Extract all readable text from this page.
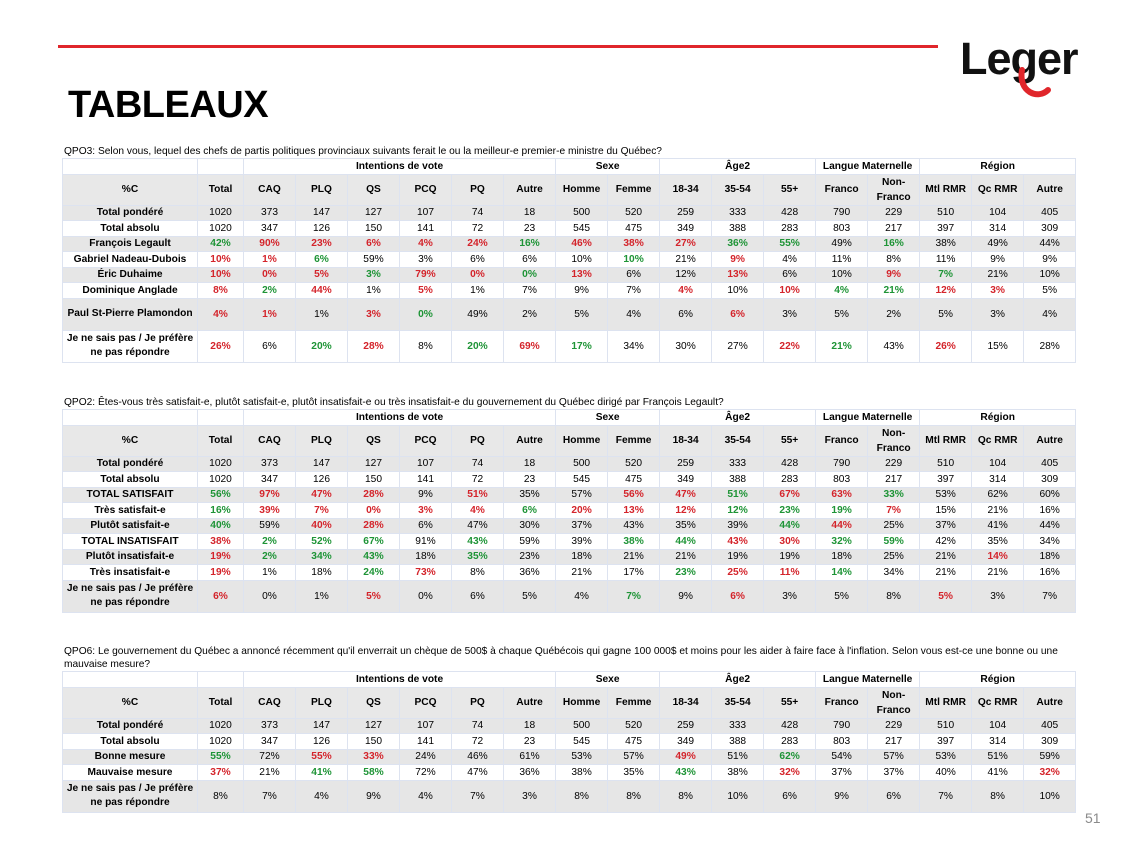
Leger
TABLEAUX
51
QPO3: Selon vous, lequel des chefs de partis politiques provinciaux suivants ferait le ou la meilleur-e premier-e ministre du Québec?
		Intentions de vote						Sexe		Âge2			Langue Maternelle		Région		
%C	Total	CAQ	PLQ	QS	PCQ	PQ	Autre	Homme	Femme	18-34	35-54	55+	Franco	Non-Franco	Mtl RMR	Qc RMR	Autre
Total pondéré	1020	373	147	127	107	74	18	500	520	259	333	428	790	229	510	104	405
Total absolu	1020	347	126	150	141	72	23	545	475	349	388	283	803	217	397	314	309
François Legault	42%	90%	23%	6%	4%	24%	16%	46%	38%	27%	36%	55%	49%	16%	38%	49%	44%
Gabriel Nadeau-Dubois	10%	1%	6%	59%	3%	6%	6%	10%	10%	21%	9%	4%	11%	8%	11%	9%	9%
Éric Duhaime	10%	0%	5%	3%	79%	0%	0%	13%	6%	12%	13%	6%	10%	9%	7%	21%	10%
Dominique Anglade	8%	2%	44%	1%	5%	1%	7%	9%	7%	4%	10%	10%	4%	21%	12%	3%	5%
Paul St-Pierre Plamondon	4%	1%	1%	3%	0%	49%	2%	5%	4%	6%	6%	3%	5%	2%	5%	3%	4%
Je ne sais pas / Je préfère ne pas répondre	26%	6%	20%	28%	8%	20%	69%	17%	34%	30%	27%	22%	21%	43%	26%	15%	28%
QPO2: Êtes-vous très satisfait-e, plutôt satisfait-e, plutôt insatisfait-e ou très insatisfait-e du gouvernement du Québec dirigé par François Legault?
		Intentions de vote						Sexe		Âge2			Langue Maternelle		Région		
%C	Total	CAQ	PLQ	QS	PCQ	PQ	Autre	Homme	Femme	18-34	35-54	55+	Franco	Non-Franco	Mtl RMR	Qc RMR	Autre
Total pondéré	1020	373	147	127	107	74	18	500	520	259	333	428	790	229	510	104	405
Total absolu	1020	347	126	150	141	72	23	545	475	349	388	283	803	217	397	314	309
TOTAL SATISFAIT	56%	97%	47%	28%	9%	51%	35%	57%	56%	47%	51%	67%	63%	33%	53%	62%	60%
Très satisfait-e	16%	39%	7%	0%	3%	4%	6%	20%	13%	12%	12%	23%	19%	7%	15%	21%	16%
Plutôt satisfait-e	40%	59%	40%	28%	6%	47%	30%	37%	43%	35%	39%	44%	44%	25%	37%	41%	44%
TOTAL INSATISFAIT	38%	2%	52%	67%	91%	43%	59%	39%	38%	44%	43%	30%	32%	59%	42%	35%	34%
Plutôt insatisfait-e	19%	2%	34%	43%	18%	35%	23%	18%	21%	21%	19%	19%	18%	25%	21%	14%	18%
Très insatisfait-e	19%	1%	18%	24%	73%	8%	36%	21%	17%	23%	25%	11%	14%	34%	21%	21%	16%
Je ne sais pas / Je préfère ne pas répondre	6%	0%	1%	5%	0%	6%	5%	4%	7%	9%	6%	3%	5%	8%	5%	3%	7%
QPO6: Le gouvernement du Québec a annoncé récemment qu'il enverrait un chèque de 500$ à chaque Québécois qui gagne 100 000$ et moins pour les aider à faire face à l'inflation. Selon vous est-ce une bonne ou une mauvaise mesure?
		Intentions de vote						Sexe		Âge2			Langue Maternelle		Région		
%C	Total	CAQ	PLQ	QS	PCQ	PQ	Autre	Homme	Femme	18-34	35-54	55+	Franco	Non-Franco	Mtl RMR	Qc RMR	Autre
Total pondéré	1020	373	147	127	107	74	18	500	520	259	333	428	790	229	510	104	405
Total absolu	1020	347	126	150	141	72	23	545	475	349	388	283	803	217	397	314	309
Bonne mesure	55%	72%	55%	33%	24%	46%	61%	53%	57%	49%	51%	62%	54%	57%	53%	51%	59%
Mauvaise mesure	37%	21%	41%	58%	72%	47%	36%	38%	35%	43%	38%	32%	37%	37%	40%	41%	32%
Je ne sais pas / Je préfère ne pas répondre	8%	7%	4%	9%	4%	7%	3%	8%	8%	8%	10%	6%	9%	6%	7%	8%	10%
